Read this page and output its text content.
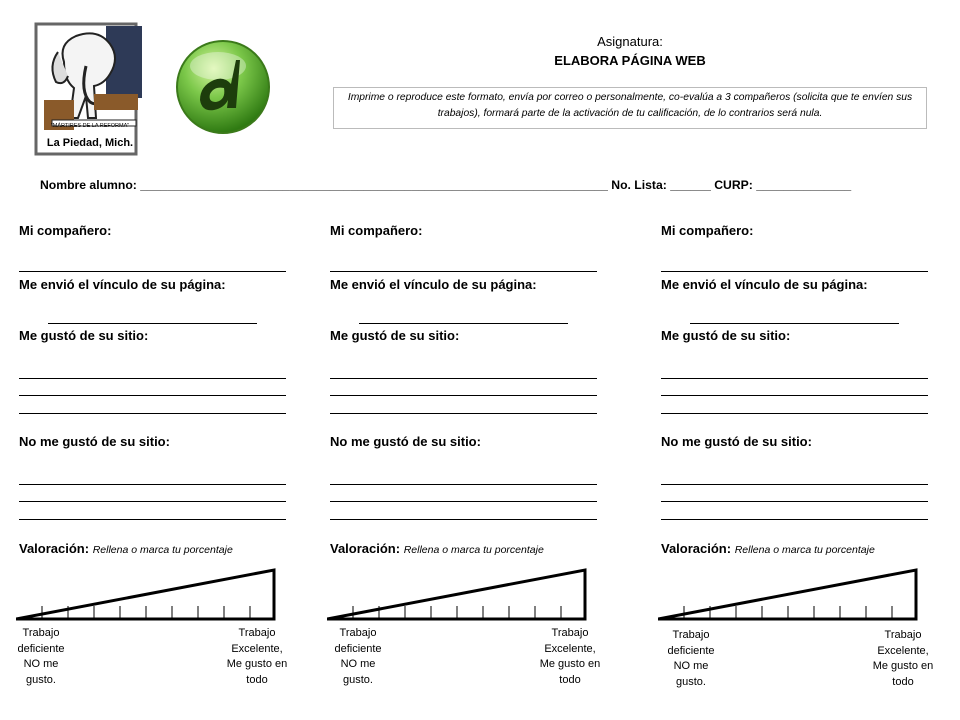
"MÁRTIRES DE LA REFORMA"
La Piedad, Mich.
Asignatura:
ELABORA PÁGINA WEB
Imprime o reproduce este formato, envía por correo o personalmente, co-evalúa a 3 compañeros (solicita que te envíen sus trabajos), formará parte de la activación de tu calificación, de lo contrarios será nula.
Nombre alumno: _____________________________________________________________________ No. Lista: ______ CURP: ______________
Mi compañero:
Me envió el vínculo de su página:
Me gustó de su sitio:
No me gustó de su sitio:
Valoración: Rellena o marca tu porcentaje
Trabajo deficiente NO me gusto.
Trabajo Excelente, Me gusto en todo
Mi compañero:
Me envió el vínculo de su página:
Me gustó de su sitio:
No me gustó de su sitio:
Valoración: Rellena o marca tu porcentaje
Trabajo deficiente NO me gusto.
Trabajo Excelente, Me gusto en todo
Mi compañero:
Me envió el vínculo de su página:
Me gustó de su sitio:
No me gustó de su sitio:
Valoración: Rellena o marca tu porcentaje
Trabajo deficiente NO me gusto.
Trabajo Excelente, Me gusto en todo
